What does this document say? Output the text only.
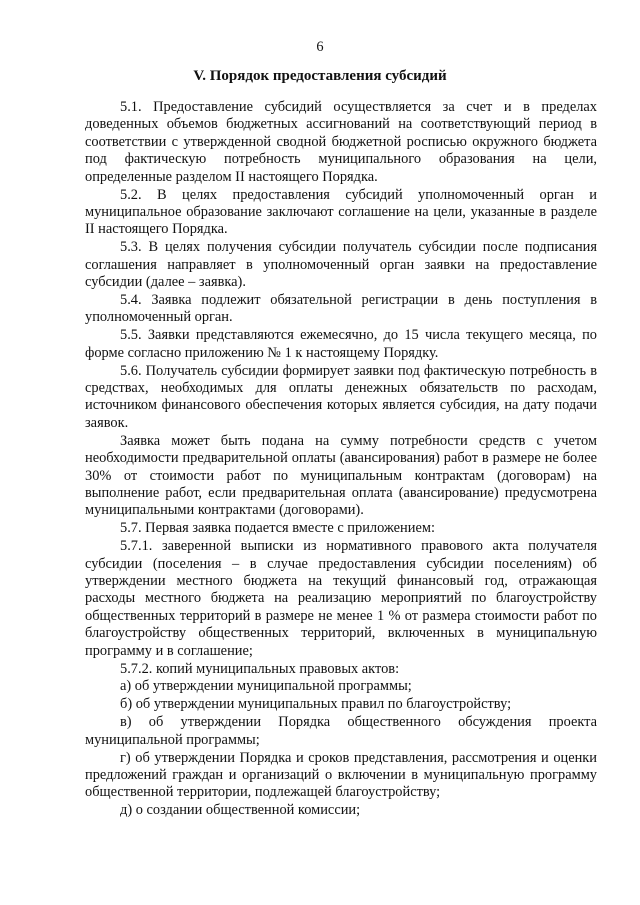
6
V. Порядок предоставления субсидий

5.1. Предоставление субсидий осуществляется за счет и в пределах доведенных объемов бюджетных ассигнований на соответствующий период в соответствии с утвержденной сводной бюджетной росписью окружного бюджета под фактическую потребность муниципального образования на цели, определенные разделом II настоящего Порядка.

5.2. В целях предоставления субсидий уполномоченный орган и муниципальное образование заключают соглашение на цели, указанные в разделе II настоящего Порядка.

5.3. В целях получения субсидии получатель субсидии после подписания соглашения направляет в уполномоченный орган заявки на предоставление субсидии (далее – заявка).

5.4. Заявка подлежит обязательной регистрации в день поступления в уполномоченный орган.

5.5. Заявки представляются ежемесячно, до 15 числа текущего месяца, по форме согласно приложению № 1 к настоящему Порядку.

5.6. Получатель субсидии формирует заявки под фактическую потребность в средствах, необходимых для оплаты денежных обязательств по расходам, источником финансового обеспечения которых является субсидия, на дату подачи заявок.

Заявка может быть подана на сумму потребности средств с учетом необходимости предварительной оплаты (авансирования) работ в размере не более 30% от стоимости работ по муниципальным контрактам (договорам) на выполнение работ, если предварительная оплата (авансирование) предусмотрена муниципальными контрактами (договорами).

5.7. Первая заявка подается вместе с приложением:

5.7.1. заверенной выписки из нормативного правового акта получателя субсидии (поселения – в случае предоставления субсидии поселениям) об утверждении местного бюджета на текущий финансовый год, отражающая расходы местного бюджета на реализацию мероприятий по благоустройству общественных территорий в размере не менее 1 % от размера стоимости работ по благоустройству общественных территорий, включенных в муниципальную программу и в соглашение;

5.7.2. копий муниципальных правовых актов:

а) об утверждении муниципальной программы;

б) об утверждении муниципальных правил по благоустройству;

в) об утверждении Порядка общественного обсуждения проекта муниципальной программы;

г) об утверждении Порядка и сроков представления, рассмотрения и оценки предложений граждан и организаций о включении в муниципальную программу общественной территории, подлежащей благоустройству;

д) о создании общественной комиссии;
